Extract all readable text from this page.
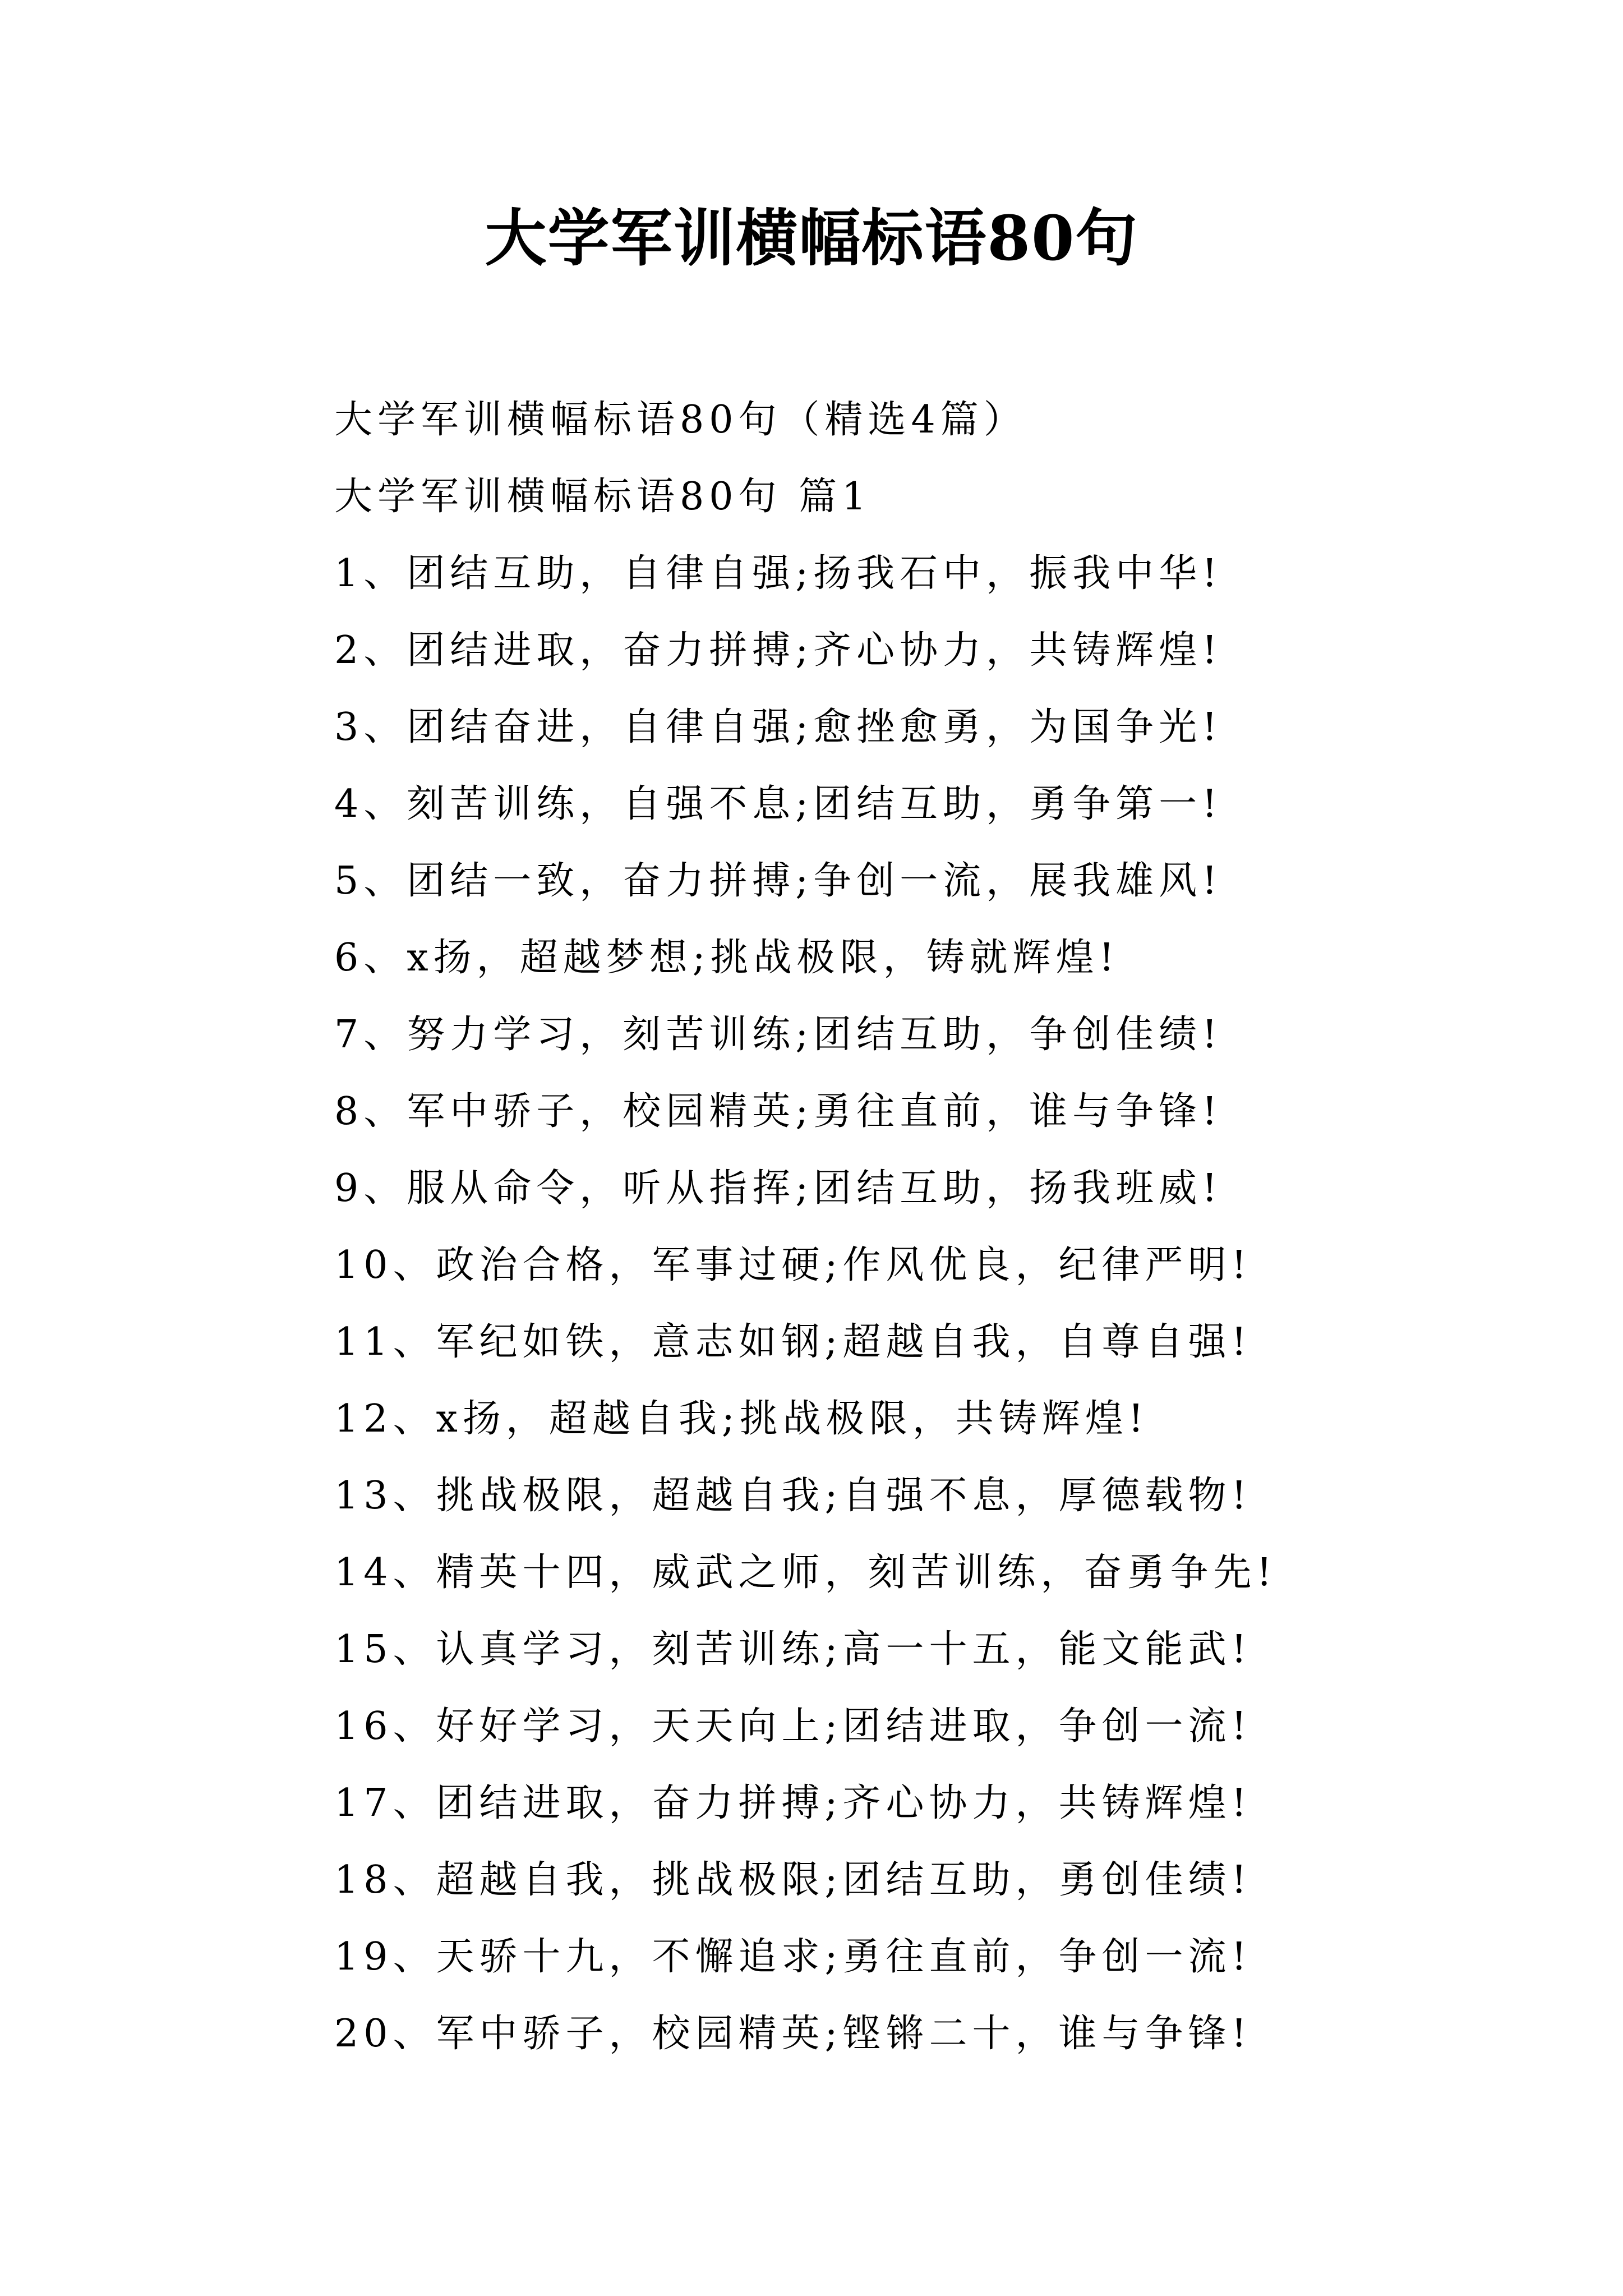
大学军训横幅标语80句
大学军训横幅标语80句（精选4篇）
大学军训横幅标语80句 篇1
1、团结互助，自律自强;扬我石中，振我中华!
2、团结进取，奋力拼搏;齐心协力，共铸辉煌!
3、团结奋进，自律自强;愈挫愈勇，为国争光!
4、刻苦训练，自强不息;团结互助，勇争第一!
5、团结一致，奋力拼搏;争创一流，展我雄风!
6、x扬，超越梦想;挑战极限，铸就辉煌!
7、努力学习，刻苦训练;团结互助，争创佳绩!
8、军中骄子，校园精英;勇往直前，谁与争锋!
9、服从命令，听从指挥;团结互助，扬我班威!
10、政治合格，军事过硬;作风优良，纪律严明!
11、军纪如铁，意志如钢;超越自我，自尊自强!
12、x扬，超越自我;挑战极限，共铸辉煌!
13、挑战极限，超越自我;自强不息，厚德载物!
14、精英十四，威武之师，刻苦训练，奋勇争先!
15、认真学习，刻苦训练;高一十五，能文能武!
16、好好学习，天天向上;团结进取，争创一流!
17、团结进取，奋力拼搏;齐心协力，共铸辉煌!
18、超越自我，挑战极限;团结互助，勇创佳绩!
19、天骄十九，不懈追求;勇往直前，争创一流!
20、军中骄子，校园精英;铿锵二十，谁与争锋!
